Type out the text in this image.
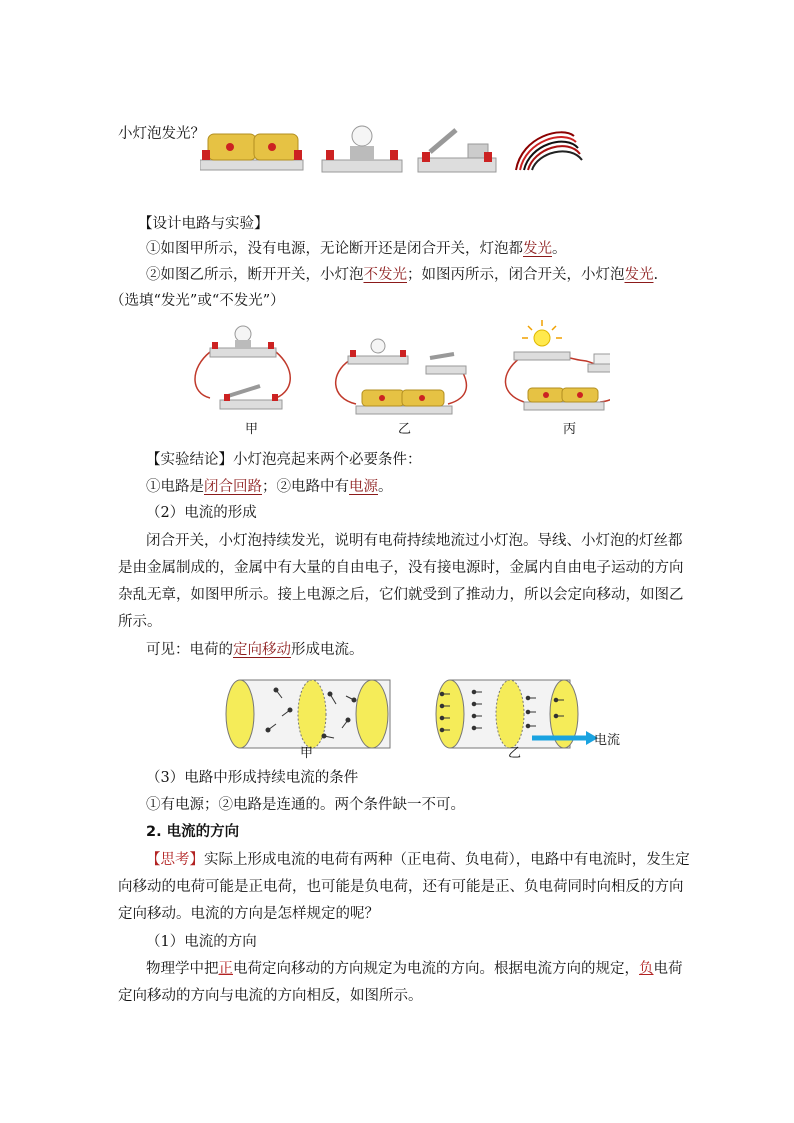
小灯泡发光？
【设计电路与实验】
①如图甲所示，没有电源，无论断开还是闭合开关，灯泡都发光。
②如图乙所示，断开开关，小灯泡不发光；如图丙所示，闭合开关，小灯泡发光.
（选填“发光”或“不发光”）
甲	乙	丙
【实验结论】小灯泡亮起来两个必要条件：
①电路是闭合回路；②电路中有电源。
（2）电流的形成
闭合开关，小灯泡持续发光，说明有电荷持续地流过小灯泡。导线、小灯泡的灯丝都
是由金属制成的，金属中有大量的自由电子，没有接电源时，金属内自由电子运动的方向
杂乱无章，如图甲所示。接上电源之后，它们就受到了推动力，所以会定向移动，如图乙
所示。
可见：电荷的定向移动形成电流。
甲	乙
电流
（3）电路中形成持续电流的条件
①有电源；②电路是连通的。两个条件缺一不可。
2. 电流的方向
【思考】实际上形成电流的电荷有两种（正电荷、负电荷），电路中有电流时，发生定
向移动的电荷可能是正电荷，也可能是负电荷，还有可能是正、负电荷同时向相反的方向
定向移动。电流的方向是怎样规定的呢？
（1）电流的方向
物理学中把正电荷定向移动的方向规定为电流的方向。根据电流方向的规定，负电荷
定向移动的方向与电流的方向相反，如图所示。
